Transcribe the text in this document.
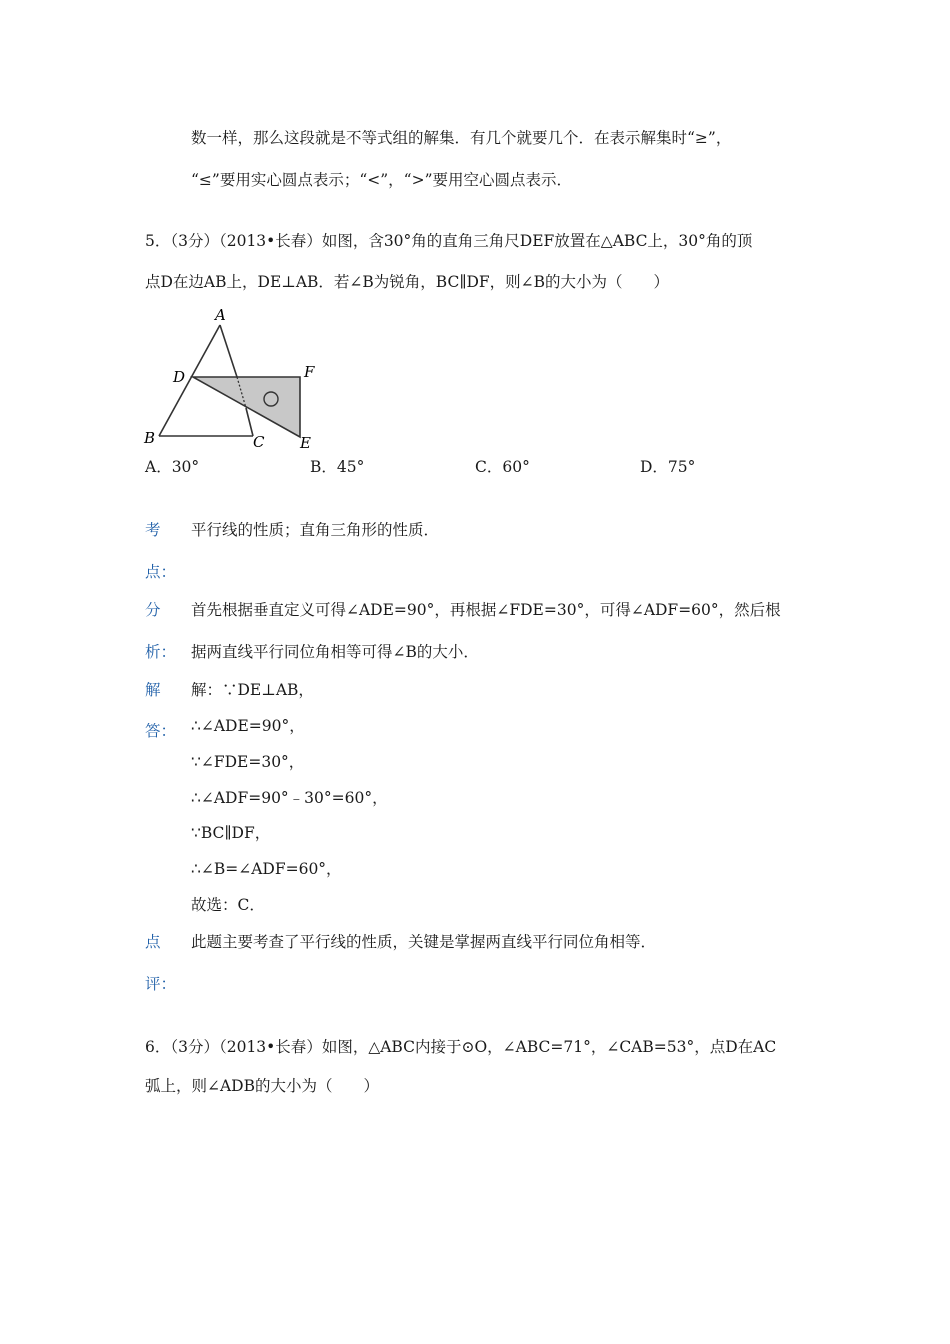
数一样，那么这段就是不等式组的解集．有几个就要几个．在表示解集时“≥”，
“≤”要用实心圆点表示；“<”，“>”要用空心圆点表示．
5．（3分）（2013•长春）如图，含30°角的直角三角尺DEF放置在△ABC上，30°角的顶
点D在边AB上，DE⊥AB．若∠B为锐角，BC∥DF，则∠B的大小为（　　）
A
D	F
B	C E
A．30°	B．45°	C．60°	D．75°
考
点：
平行线的性质；直角三角形的性质．
分
析：
首先根据垂直定义可得∠ADE=90°，再根据∠FDE=30°，可得∠ADF=60°，然后根
据两直线平行同位角相等可得∠B的大小．
解
答：
解：∵DE⊥AB，
∴∠ADE=90°，
∵∠FDE=30°，
∴∠ADF=90°﹣30°=60°，
∵BC∥DF，
∴∠B=∠ADF=60°，
故选：C．
点
评：
此题主要考查了平行线的性质，关键是掌握两直线平行同位角相等．
6．（3分）（2013•长春）如图，△ABC内接于⊙O，∠ABC=71°，∠CAB=53°，点D在AC
弧上，则∠ADB的大小为（　　）
